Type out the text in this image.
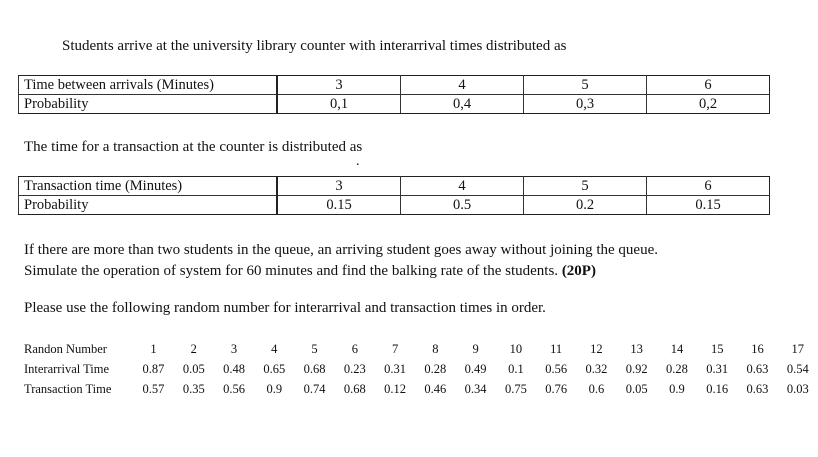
Students arrive at the university library counter with interarrival times distributed as
Time between arrivals (Minutes)	3	4	5	6
Probability	0,1	0,4	0,3	0,2
The time for a transaction at the counter is distributed as
.
Transaction time (Minutes)	3	4	5	6
Probability	0.15	0.5	0.2	0.15
If there are more than two students in the queue, an arriving student goes away without joining the queue.
Simulate the operation of system for 60 minutes and find the balking rate of the students. (20P)
Please use the following random number for interarrival and transaction times in order.
Randon Number	1	2	3	4	5	6	7	8	9	10	11	12	13	14	15	16	17
Interarrival Time	0.87	0.05	0.48	0.65	0.68	0.23	0.31	0.28	0.49	0.1	0.56	0.32	0.92	0.28	0.31	0.63	0.54
Transaction Time	0.57	0.35	0.56	0.9	0.74	0.68	0.12	0.46	0.34	0.75	0.76	0.6	0.05	0.9	0.16	0.63	0.03
